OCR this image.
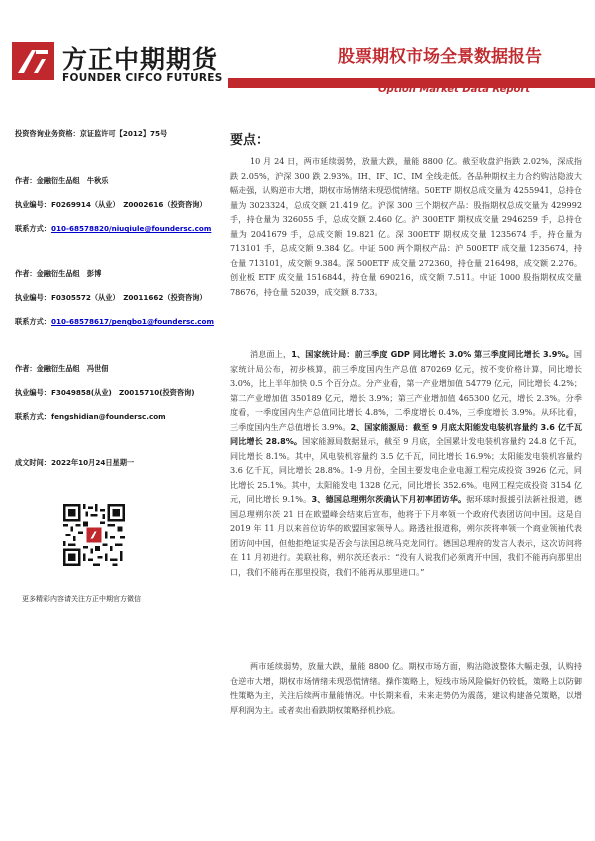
方正中期期货
FOUNDER CIFCO FUTURES
股票期权市场全景数据报告
Option Market Data Report
投资咨询业务资格：京证监许可【2012】75号
作者：金融衍生品组　牛秋乐
执业编号：F0269914（从业）　Z0002616（投资咨询）
联系方式：010-68578820/niuqiule@foundersc.com
作者：金融衍生品组　彭博
执业编号：F0305572（从业）　Z0011662（投资咨询）
联系方式：010-68578617/pengbo1@foundersc.com
作者：金融衍生品组　冯世佃
执业编号：F3049858(从业)　Z0015710(投资咨询)
联系方式：fengshidian@foundersc.com
成文时间：2022年10月24日星期一
更多精彩内容请关注方正中期官方微信
要点：
10 月 24 日，两市延续弱势，放量大跌，量能 8800 亿。截至收盘沪指跌 2.02%，深成指跌 2.05%，沪深 300 跌 2.93%。IH、IF、IC、IM 全线走低。各品种期权主力合约购沽隐波大幅走强，认购逆市大增，期权市场情绪未现恐慌情绪。50ETF 期权总成交量为 4255941，总持仓量为 3023324，总成交额 21.419 亿。沪深 300 三个期权产品：股指期权总成交量为 429992 手，持仓量为 326055 手，总成交额 2.460 亿。沪 300ETF 期权成交量 2946259 手，总持仓量为 2041679 手，总成交额 19.821 亿。深 300ETF 期权成交量 1235674 手，持仓量为 713101 手，总成交额 9.384 亿。中证 500 两个期权产品：沪 500ETF 成交量 1235674，持仓量 713101，成交额 9.384。深 500ETF 成交量 272360，持仓量 216498，成交额 2.276。创业板 ETF 成交量 1516844，持仓量 690216，成交额 7.511。中证 1000 股指期权成交量 78676，持仓量 52039，成交额 8.733。
消息面上，1、国家统计局：前三季度 GDP 同比增长 3.0% 第三季度同比增长 3.9%。国家统计局公布，初步核算，前三季度国内生产总值 870269 亿元，按不变价格计算，同比增长 3.0%，比上半年加快 0.5 个百分点。分产业看，第一产业增加值 54779 亿元，同比增长 4.2%；第二产业增加值 350189 亿元，增长 3.9%；第三产业增加值 465300 亿元，增长 2.3%。分季度看，一季度国内生产总值同比增长 4.8%，二季度增长 0.4%，三季度增长 3.9%。从环比看，三季度国内生产总值增长 3.9%。2、国家能源局：截至 9 月底太阳能发电装机容量约 3.6 亿千瓦 同比增长 28.8%。国家能源局数据显示，截至 9 月底，全国累计发电装机容量约 24.8 亿千瓦，同比增长 8.1%。其中，风电装机容量约 3.5 亿千瓦，同比增长 16.9%；太阳能发电装机容量约 3.6 亿千瓦，同比增长 28.8%。1-9 月份，全国主要发电企业电源工程完成投资 3926 亿元，同比增长 25.1%。其中，太阳能发电 1328 亿元，同比增长 352.6%。电网工程完成投资 3154 亿元，同比增长 9.1%。3、德国总理朔尔茨确认下月初率团访华。据环球时报援引法新社报道，德国总理朔尔茨 21 日在欧盟峰会结束后宣布，他将于下月率领一个政府代表团访问中国。这是自 2019 年 11 月以来首位访华的欧盟国家领导人。路透社报道称，朔尔茨将率领一个商业领袖代表团访问中国，但他拒绝证实是否会与法国总统马克龙同行。德国总理府的发言人表示，这次访问将在 11 月初进行。美联社称，朔尔茨还表示：“没有人说我们必须离开中国，我们不能再向那里出口，我们不能再在那里投资，我们不能再从那里进口。”
两市延续弱势，放量大跌，量能 8800 亿。期权市场方面，购沽隐波整体大幅走强，认购持仓逆市大增，期权市场情绪未现恐慌情绪。操作策略上，短线市场风险偏好仍较低，策略上以防御性策略为主，关注后续两市量能情况。中长期来看，未来走势仍为震荡，建议构建备兑策略，以增厚利润为主。或者卖出看跌期权策略择机抄底。
